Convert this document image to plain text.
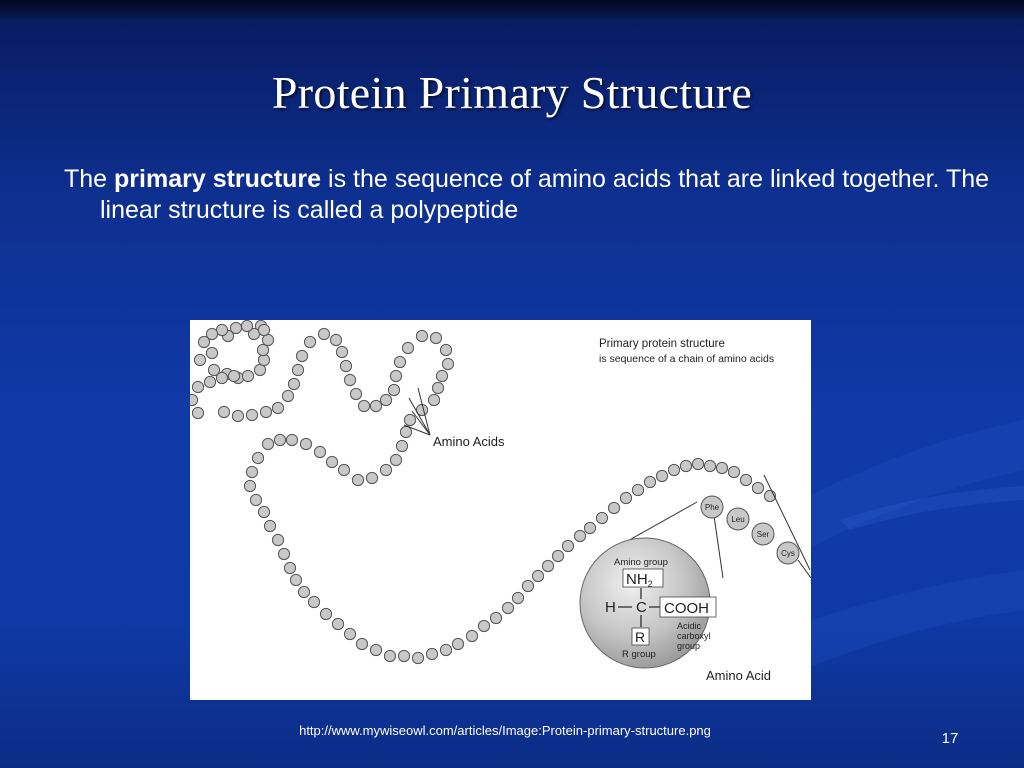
Protein Primary Structure
The primary structure is the sequence of amino acids that are linked together. The linear structure is called a polypeptide
Amino Acids
Primary protein structure
is sequence of a chain of amino acids
Amino group
$NH_2$
H C COOH
Acidic
carboxyl
group
R
R group
Amino Acid
Phe
Leu
Ser
Cys
http://www.mywiseowl.com/articles/Image:Protein-primary-structure.png	17
